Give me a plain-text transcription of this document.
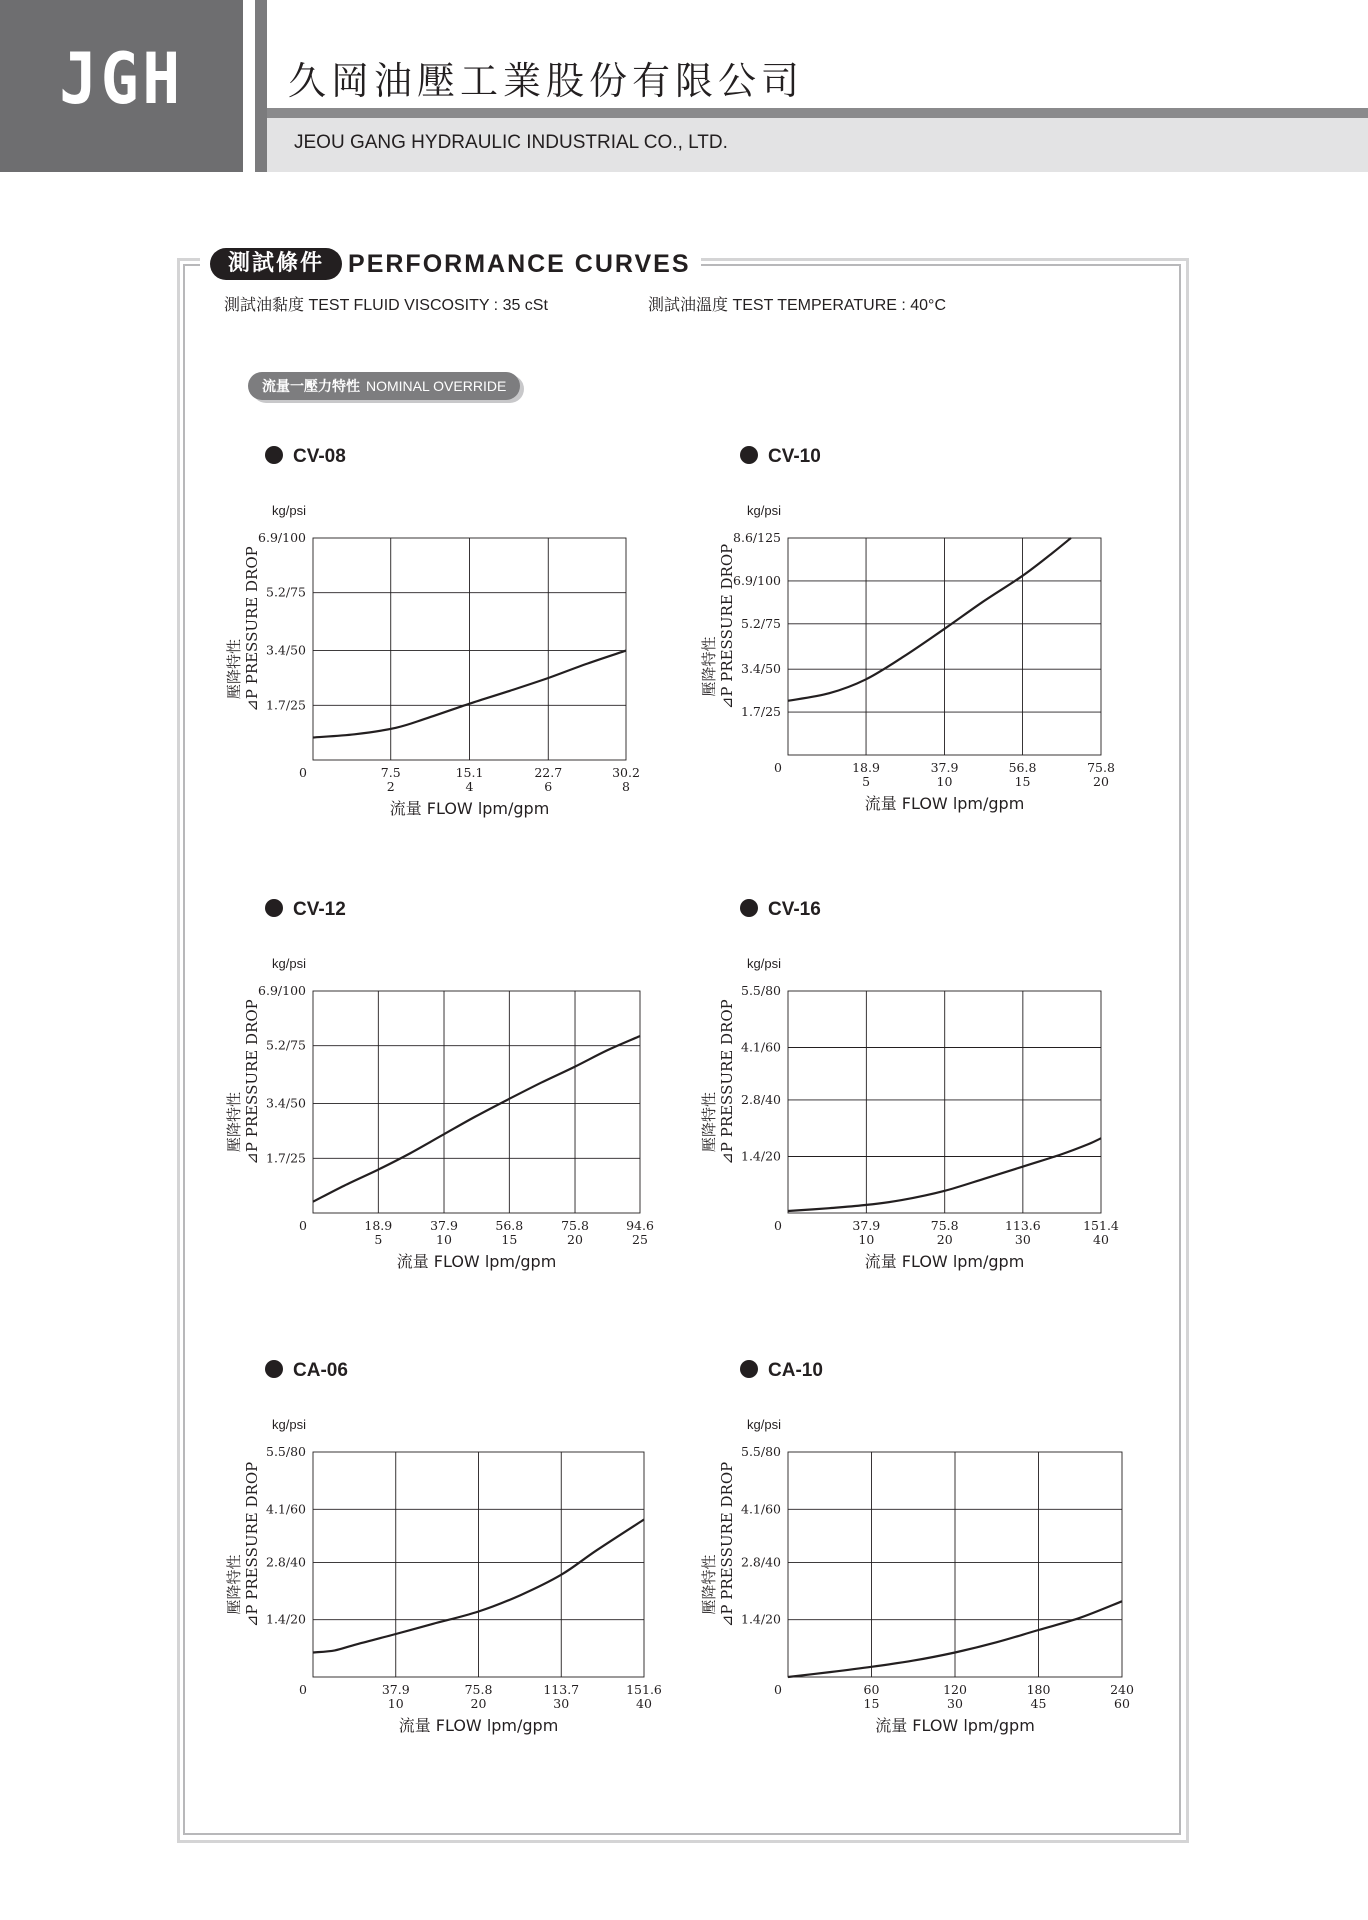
JGH	久岡油壓工業股份有限公司
JEOU GANG HYDRAULIC INDUSTRIAL CO., LTD.
測試條件 PERFORMANCE CURVES
測試油黏度 TEST FLUID VISCOSITY : 35 cSt	測試油溫度 TEST TEMPERATURE : 40°C
流量一壓力特性 NOMINAL OVERRIDE
CV-08
kg/psi
7.5
2
15.1
4
22.7
6
30.2
8
1.7/25
3.4/50
5.2/75
6.9/100
0
流量 FLOW lpm/gpm
壓降特性 ⊿P PRESSURE DROP
CV-10
kg/psi
18.9
5
37.9
10
56.8
15
75.8
20
1.7/25
3.4/50
5.2/75
6.9/100
8.6/125
0
流量 FLOW lpm/gpm
壓降特性 ⊿P PRESSURE DROP
CV-12
kg/psi
18.9
5
37.9
10
56.8
15
75.8
20
94.6
25
1.7/25
3.4/50
5.2/75
6.9/100
0
流量 FLOW lpm/gpm
壓降特性 ⊿P PRESSURE DROP
CV-16
kg/psi
37.9
10
75.8
20
113.6
30
151.4
40
1.4/20
2.8/40
4.1/60
5.5/80
0
流量 FLOW lpm/gpm
壓降特性 ⊿P PRESSURE DROP
CA-06
kg/psi
37.9
10
75.8
20
113.7
30
151.6
40
1.4/20
2.8/40
4.1/60
5.5/80
0
流量 FLOW lpm/gpm
壓降特性 ⊿P PRESSURE DROP
CA-10
kg/psi
60
15
120
30
180
45
240
60
1.4/20
2.8/40
4.1/60
5.5/80
0
流量 FLOW lpm/gpm
壓降特性 ⊿P PRESSURE DROP
